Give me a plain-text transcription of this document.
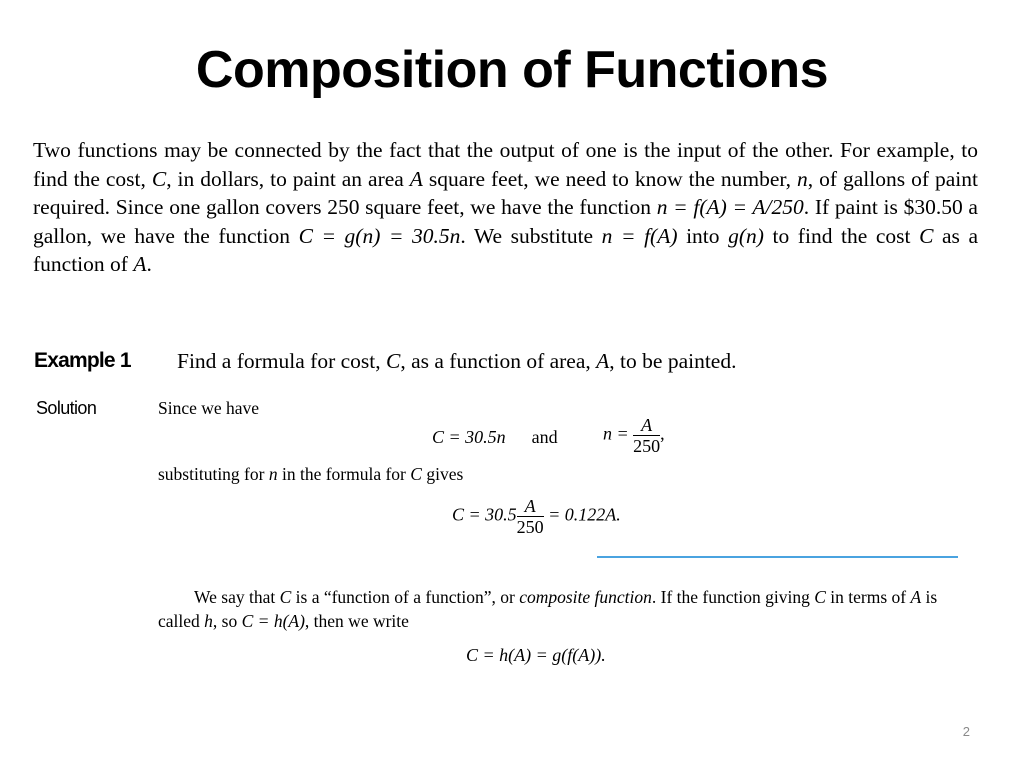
Composition of Functions
Two functions may be connected by the fact that the output of one is the input of the other. For example, to find the cost, C, in dollars, to paint an area A square feet, we need to know the number, n, of gallons of paint required. Since one gallon covers 250 square feet, we have the function n = f(A) = A/250. If paint is $30.50 a gallon, we have the function C = g(n) = 30.5n. We substitute n = f(A) into g(n) to find the cost C as a function of A.
Example 1 Find a formula for cost, C, as a function of area, A, to be painted.
Solution	Since we have
C = 30.5n and	$n = \frac{A}{250}$ ,
substituting for n in the formula for C gives
$C = 30.5 \frac{A}{250} = 0.122A$.
We say that C is a “function of a function”, or composite function. If the function giving C in terms of A is called h, so C = h(A), then we write
C = h(A) = g(f(A)).
2
